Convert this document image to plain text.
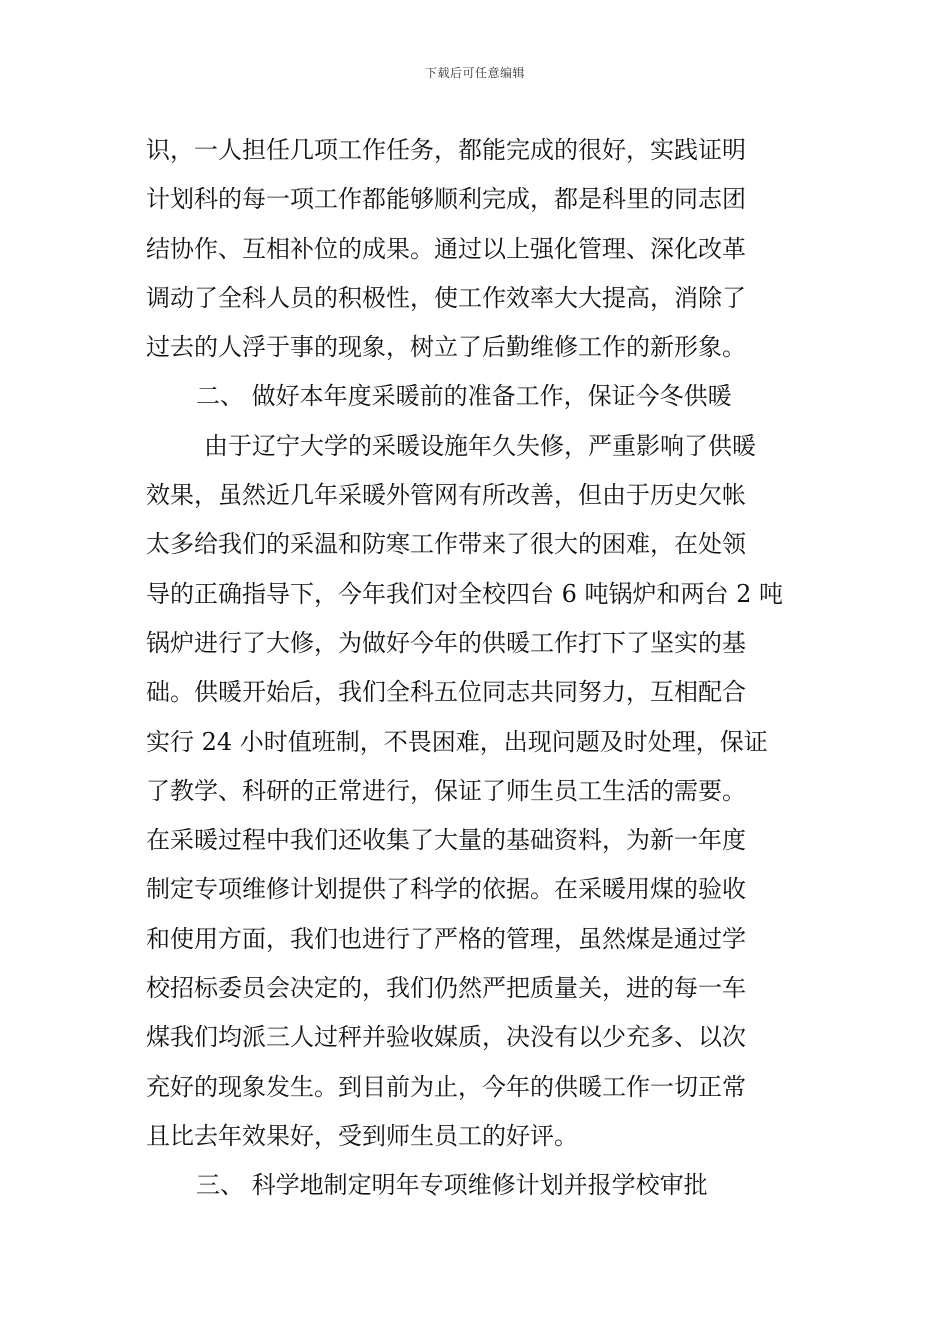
下载后可任意编辑
识，一人担任几项工作任务，都能完成的很好，实践证明
计划科的每一项工作都能够顺利完成，都是科里的同志团
结协作、互相补位的成果。通过以上强化管理、深化改革
调动了全科人员的积极性，使工作效率大大提高，消除了
过去的人浮于事的现象，树立了后勤维修工作的新形象。
二、 做好本年度采暖前的准备工作，保证今冬供暖
由于辽宁大学的采暖设施年久失修，严重影响了供暖
效果，虽然近几年采暖外管网有所改善，但由于历史欠帐
太多给我们的采温和防寒工作带来了很大的困难，在处领
导的正确指导下，今年我们对全校四台 6 吨锅炉和两台 2 吨
锅炉进行了大修，为做好今年的供暖工作打下了坚实的基
础。供暖开始后，我们全科五位同志共同努力，互相配合
实行 24 小时值班制，不畏困难，出现问题及时处理，保证
了教学、科研的正常进行，保证了师生员工生活的需要。
在采暖过程中我们还收集了大量的基础资料，为新一年度
制定专项维修计划提供了科学的依据。在采暖用煤的验收
和使用方面，我们也进行了严格的管理，虽然煤是通过学
校招标委员会决定的，我们仍然严把质量关，进的每一车
煤我们均派三人过秤并验收媒质，决没有以少充多、以次
充好的现象发生。到目前为止，今年的供暖工作一切正常
且比去年效果好，受到师生员工的好评。
三、 科学地制定明年专项维修计划并报学校审批
